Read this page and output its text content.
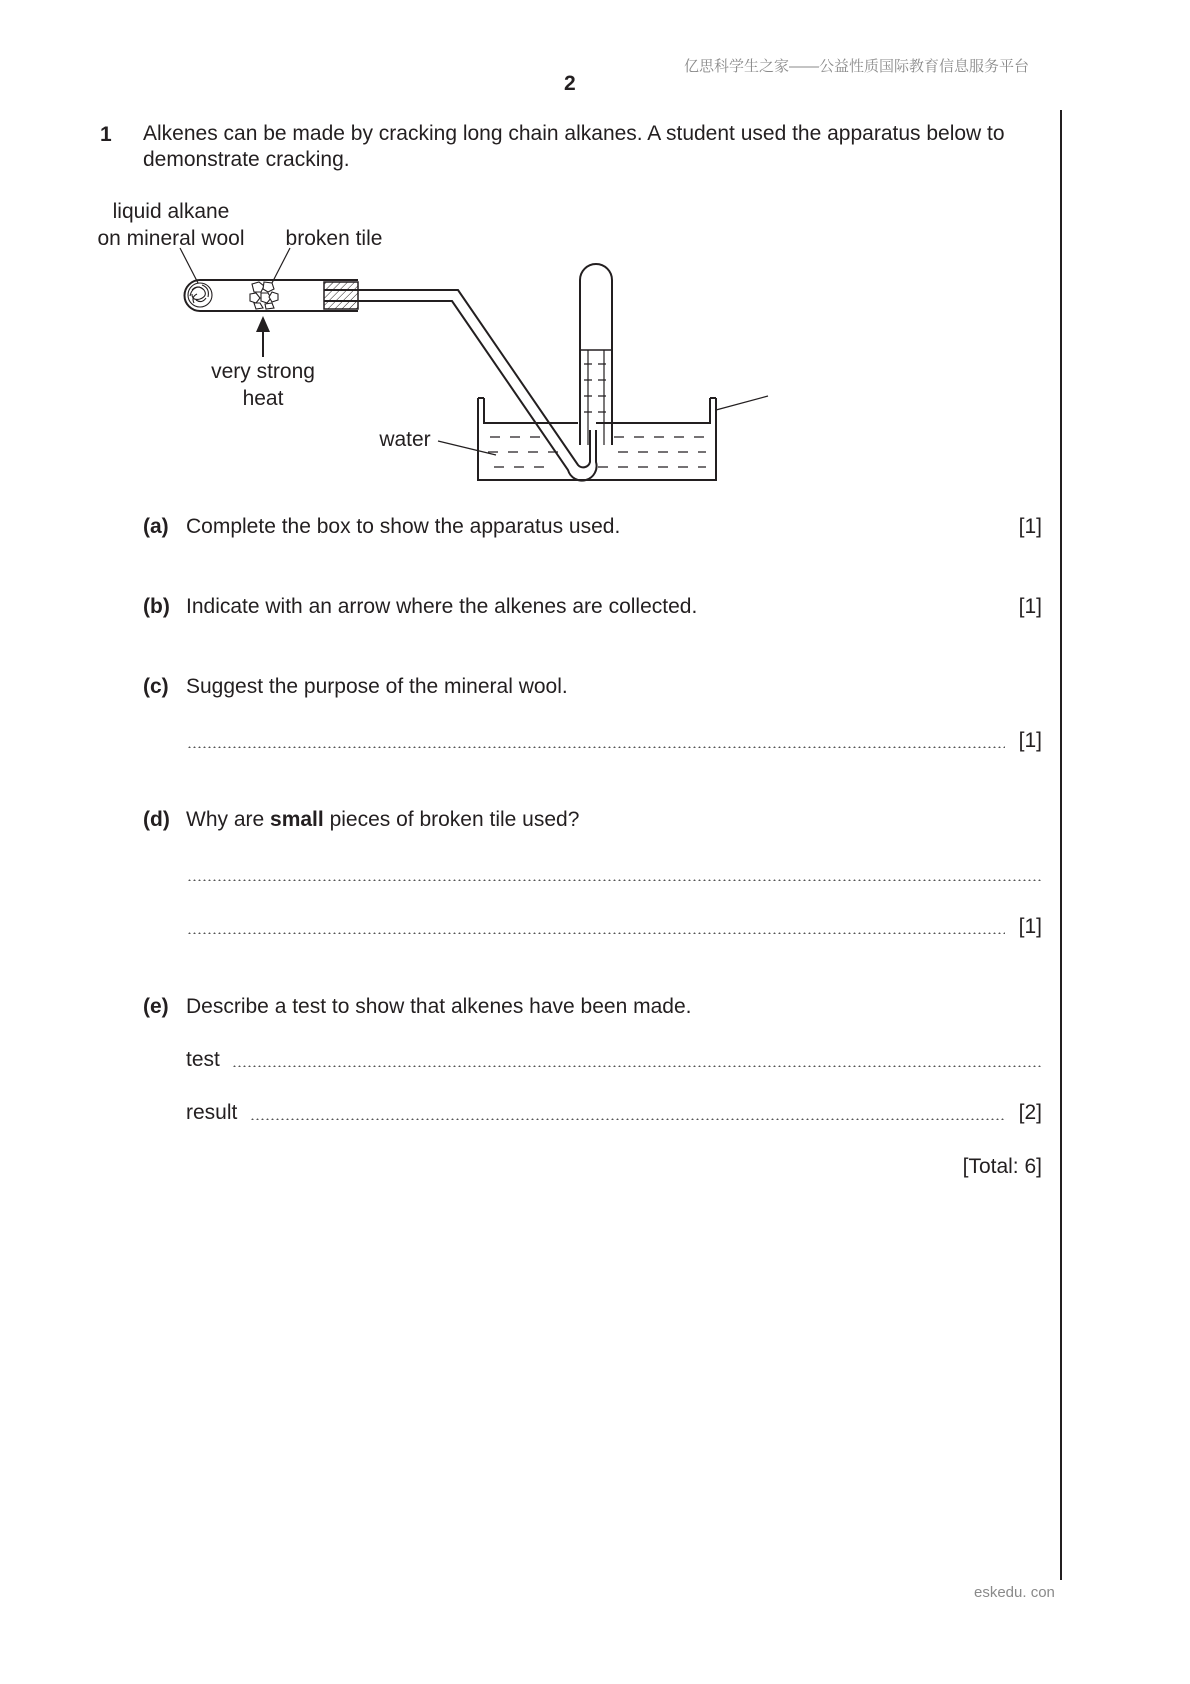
亿思科学生之家——公益性质国际教育信息服务平台
2
1 Alkenes can be made by cracking long chain alkanes. A student used the apparatus below to demonstrate cracking.
liquid alkane
on mineral wool broken tile
very strong
heat
water
(a) Complete the box to show the apparatus used.	[1]
(b) Indicate with an arrow where the alkenes are collected.	[1]
(c) Suggest the purpose of the mineral wool.
[1]
(d) Why are small pieces of broken tile used?
[1]
(e) Describe a test to show that alkenes have been made.
test
result	[2]
[Total: 6]
eskedu. con
